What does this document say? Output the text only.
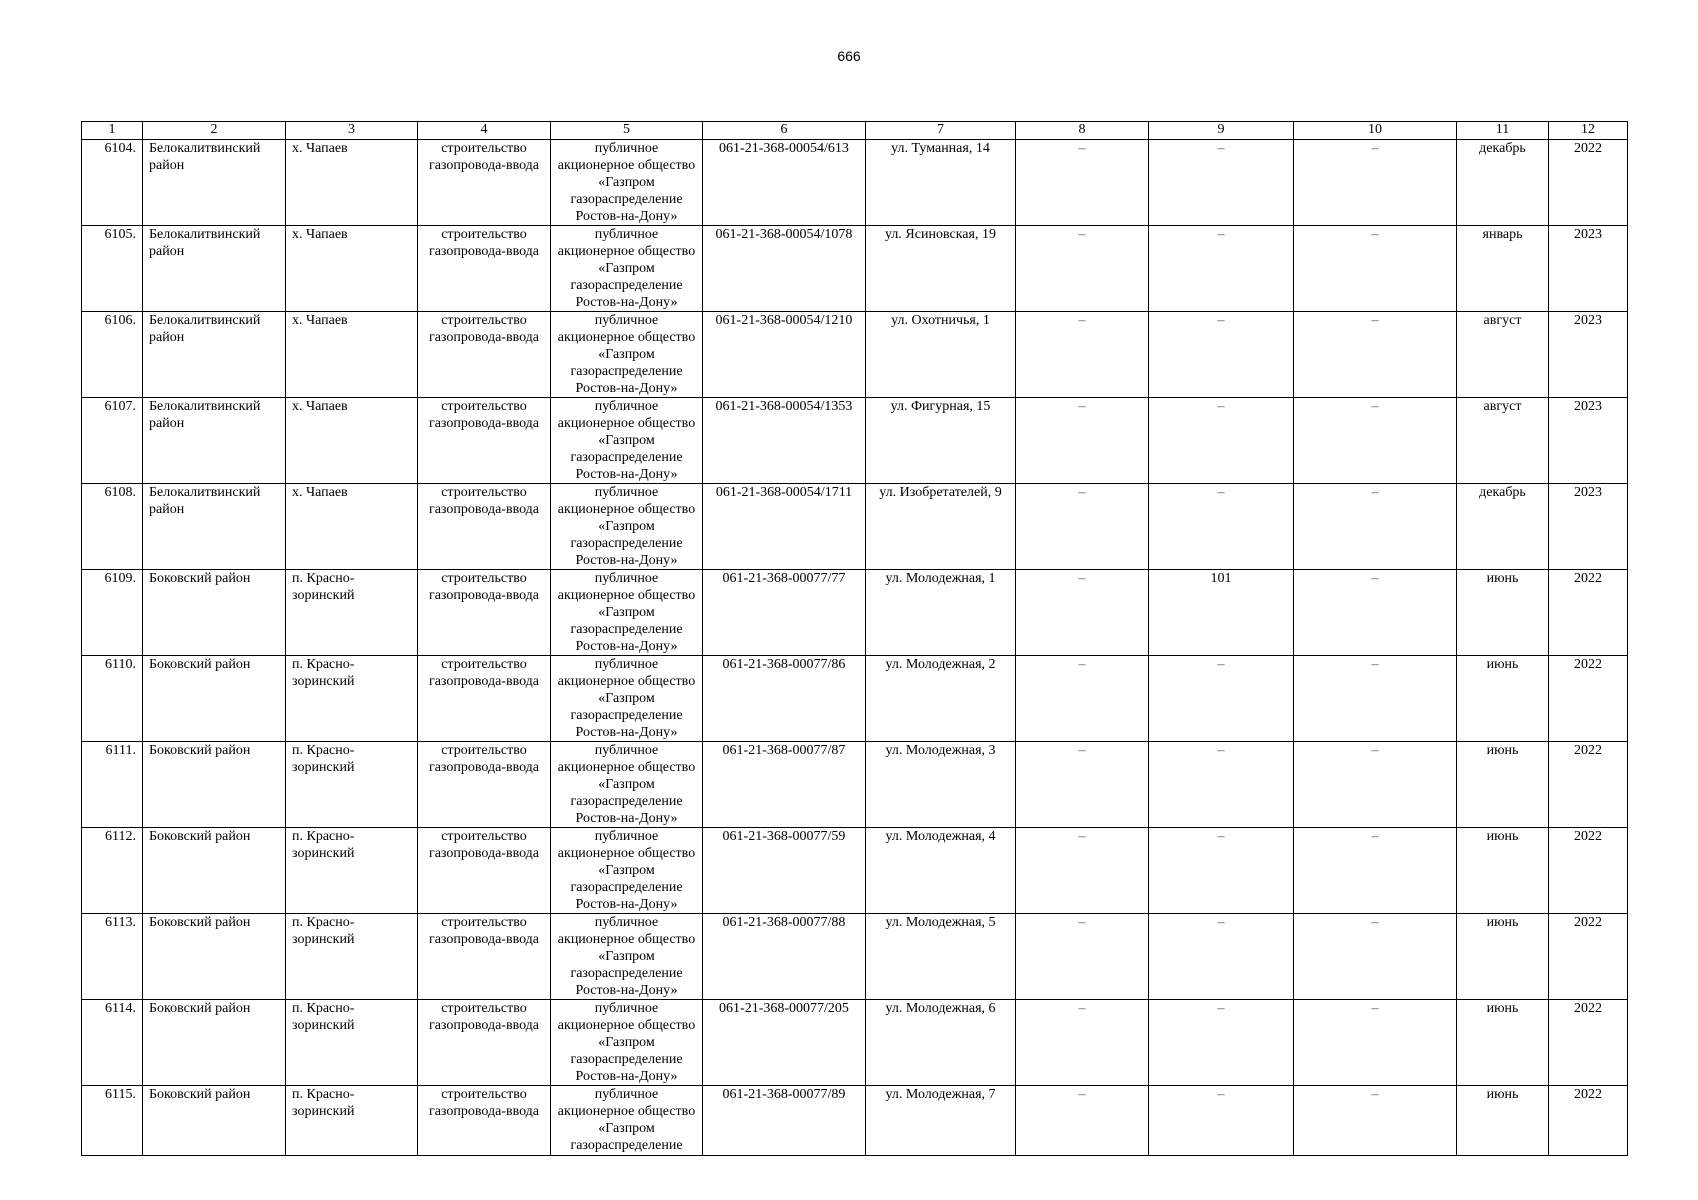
666
1	2	3	4	5	6	7	8	9	10	11	12
6104.	Белокалитвинский район	х. Чапаев	строительство газопровода-ввода	публичное акционерное общество «Газпром газораспределение Ростов-на-Дону»	061-21-368-00054/613	ул. Туманная, 14	–	–	–	декабрь	2022
6105.	Белокалитвинский район	х. Чапаев	строительство газопровода-ввода	публичное акционерное общество «Газпром газораспределение Ростов-на-Дону»	061-21-368-00054/1078	ул. Ясиновская, 19	–	–	–	январь	2023
6106.	Белокалитвинский район	х. Чапаев	строительство газопровода-ввода	публичное акционерное общество «Газпром газораспределение Ростов-на-Дону»	061-21-368-00054/1210	ул. Охотничья, 1	–	–	–	август	2023
6107.	Белокалитвинский район	х. Чапаев	строительство газопровода-ввода	публичное акционерное общество «Газпром газораспределение Ростов-на-Дону»	061-21-368-00054/1353	ул. Фигурная, 15	–	–	–	август	2023
6108.	Белокалитвинский район	х. Чапаев	строительство газопровода-ввода	публичное акционерное общество «Газпром газораспределение Ростов-на-Дону»	061-21-368-00054/1711	ул. Изобретателей, 9	–	–	–	декабрь	2023
6109.	Боковский район	п. Красно-зоринский	строительство газопровода-ввода	публичное акционерное общество «Газпром газораспределение Ростов-на-Дону»	061-21-368-00077/77	ул. Молодежная, 1	–	101	–	июнь	2022
6110.	Боковский район	п. Красно-зоринский	строительство газопровода-ввода	публичное акционерное общество «Газпром газораспределение Ростов-на-Дону»	061-21-368-00077/86	ул. Молодежная, 2	–	–	–	июнь	2022
6111.	Боковский район	п. Красно-зоринский	строительство газопровода-ввода	публичное акционерное общество «Газпром газораспределение Ростов-на-Дону»	061-21-368-00077/87	ул. Молодежная, 3	–	–	–	июнь	2022
6112.	Боковский район	п. Красно-зоринский	строительство газопровода-ввода	публичное акционерное общество «Газпром газораспределение Ростов-на-Дону»	061-21-368-00077/59	ул. Молодежная, 4	–	–	–	июнь	2022
6113.	Боковский район	п. Красно-зоринский	строительство газопровода-ввода	публичное акционерное общество «Газпром газораспределение Ростов-на-Дону»	061-21-368-00077/88	ул. Молодежная, 5	–	–	–	июнь	2022
6114.	Боковский район	п. Красно-зоринский	строительство газопровода-ввода	публичное акционерное общество «Газпром газораспределение Ростов-на-Дону»	061-21-368-00077/205	ул. Молодежная, 6	–	–	–	июнь	2022
6115.	Боковский район	п. Красно-зоринский	строительство газопровода-ввода	публичное акционерное общество «Газпром газораспределение	061-21-368-00077/89	ул. Молодежная, 7	–	–	–	июнь	2022
